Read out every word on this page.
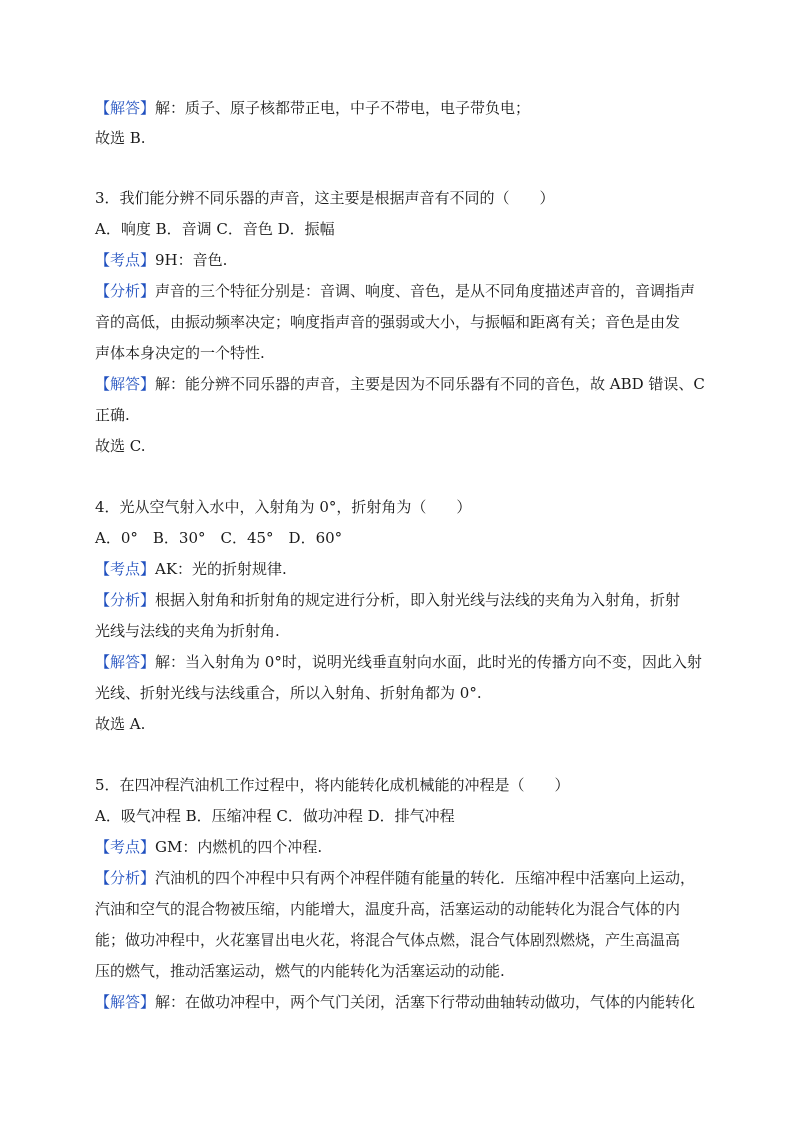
【解答】解：质子、原子核都带正电，中子不带电，电子带负电；
故选 B.
3．我们能分辨不同乐器的声音，这主要是根据声音有不同的（　　）
A．响度 B．音调 C．音色 D．振幅
【考点】9H：音色.
【分析】声音的三个特征分别是：音调、响度、音色，是从不同角度描述声音的，音调指声
音的高低，由振动频率决定；响度指声音的强弱或大小，与振幅和距离有关；音色是由发
声体本身决定的一个特性.
【解答】解：能分辨不同乐器的声音，主要是因为不同乐器有不同的音色，故 ABD 错误、C
正确.
故选 C.
4．光从空气射入水中，入射角为 0°，折射角为（　　）
A．0°　B．30°　C．45°　D．60°
【考点】AK：光的折射规律.
【分析】根据入射角和折射角的规定进行分析，即入射光线与法线的夹角为入射角，折射
光线与法线的夹角为折射角.
【解答】解：当入射角为 0°时，说明光线垂直射向水面，此时光的传播方向不变，因此入射
光线、折射光线与法线重合，所以入射角、折射角都为 0°.
故选 A.
5．在四冲程汽油机工作过程中，将内能转化成机械能的冲程是（　　）
A．吸气冲程 B．压缩冲程 C．做功冲程 D．排气冲程
【考点】GM：内燃机的四个冲程.
【分析】汽油机的四个冲程中只有两个冲程伴随有能量的转化．压缩冲程中活塞向上运动，
汽油和空气的混合物被压缩，内能增大，温度升高，活塞运动的动能转化为混合气体的内
能；做功冲程中，火花塞冒出电火花，将混合气体点燃，混合气体剧烈燃烧，产生高温高
压的燃气，推动活塞运动，燃气的内能转化为活塞运动的动能.
【解答】解：在做功冲程中，两个气门关闭，活塞下行带动曲轴转动做功，气体的内能转化
